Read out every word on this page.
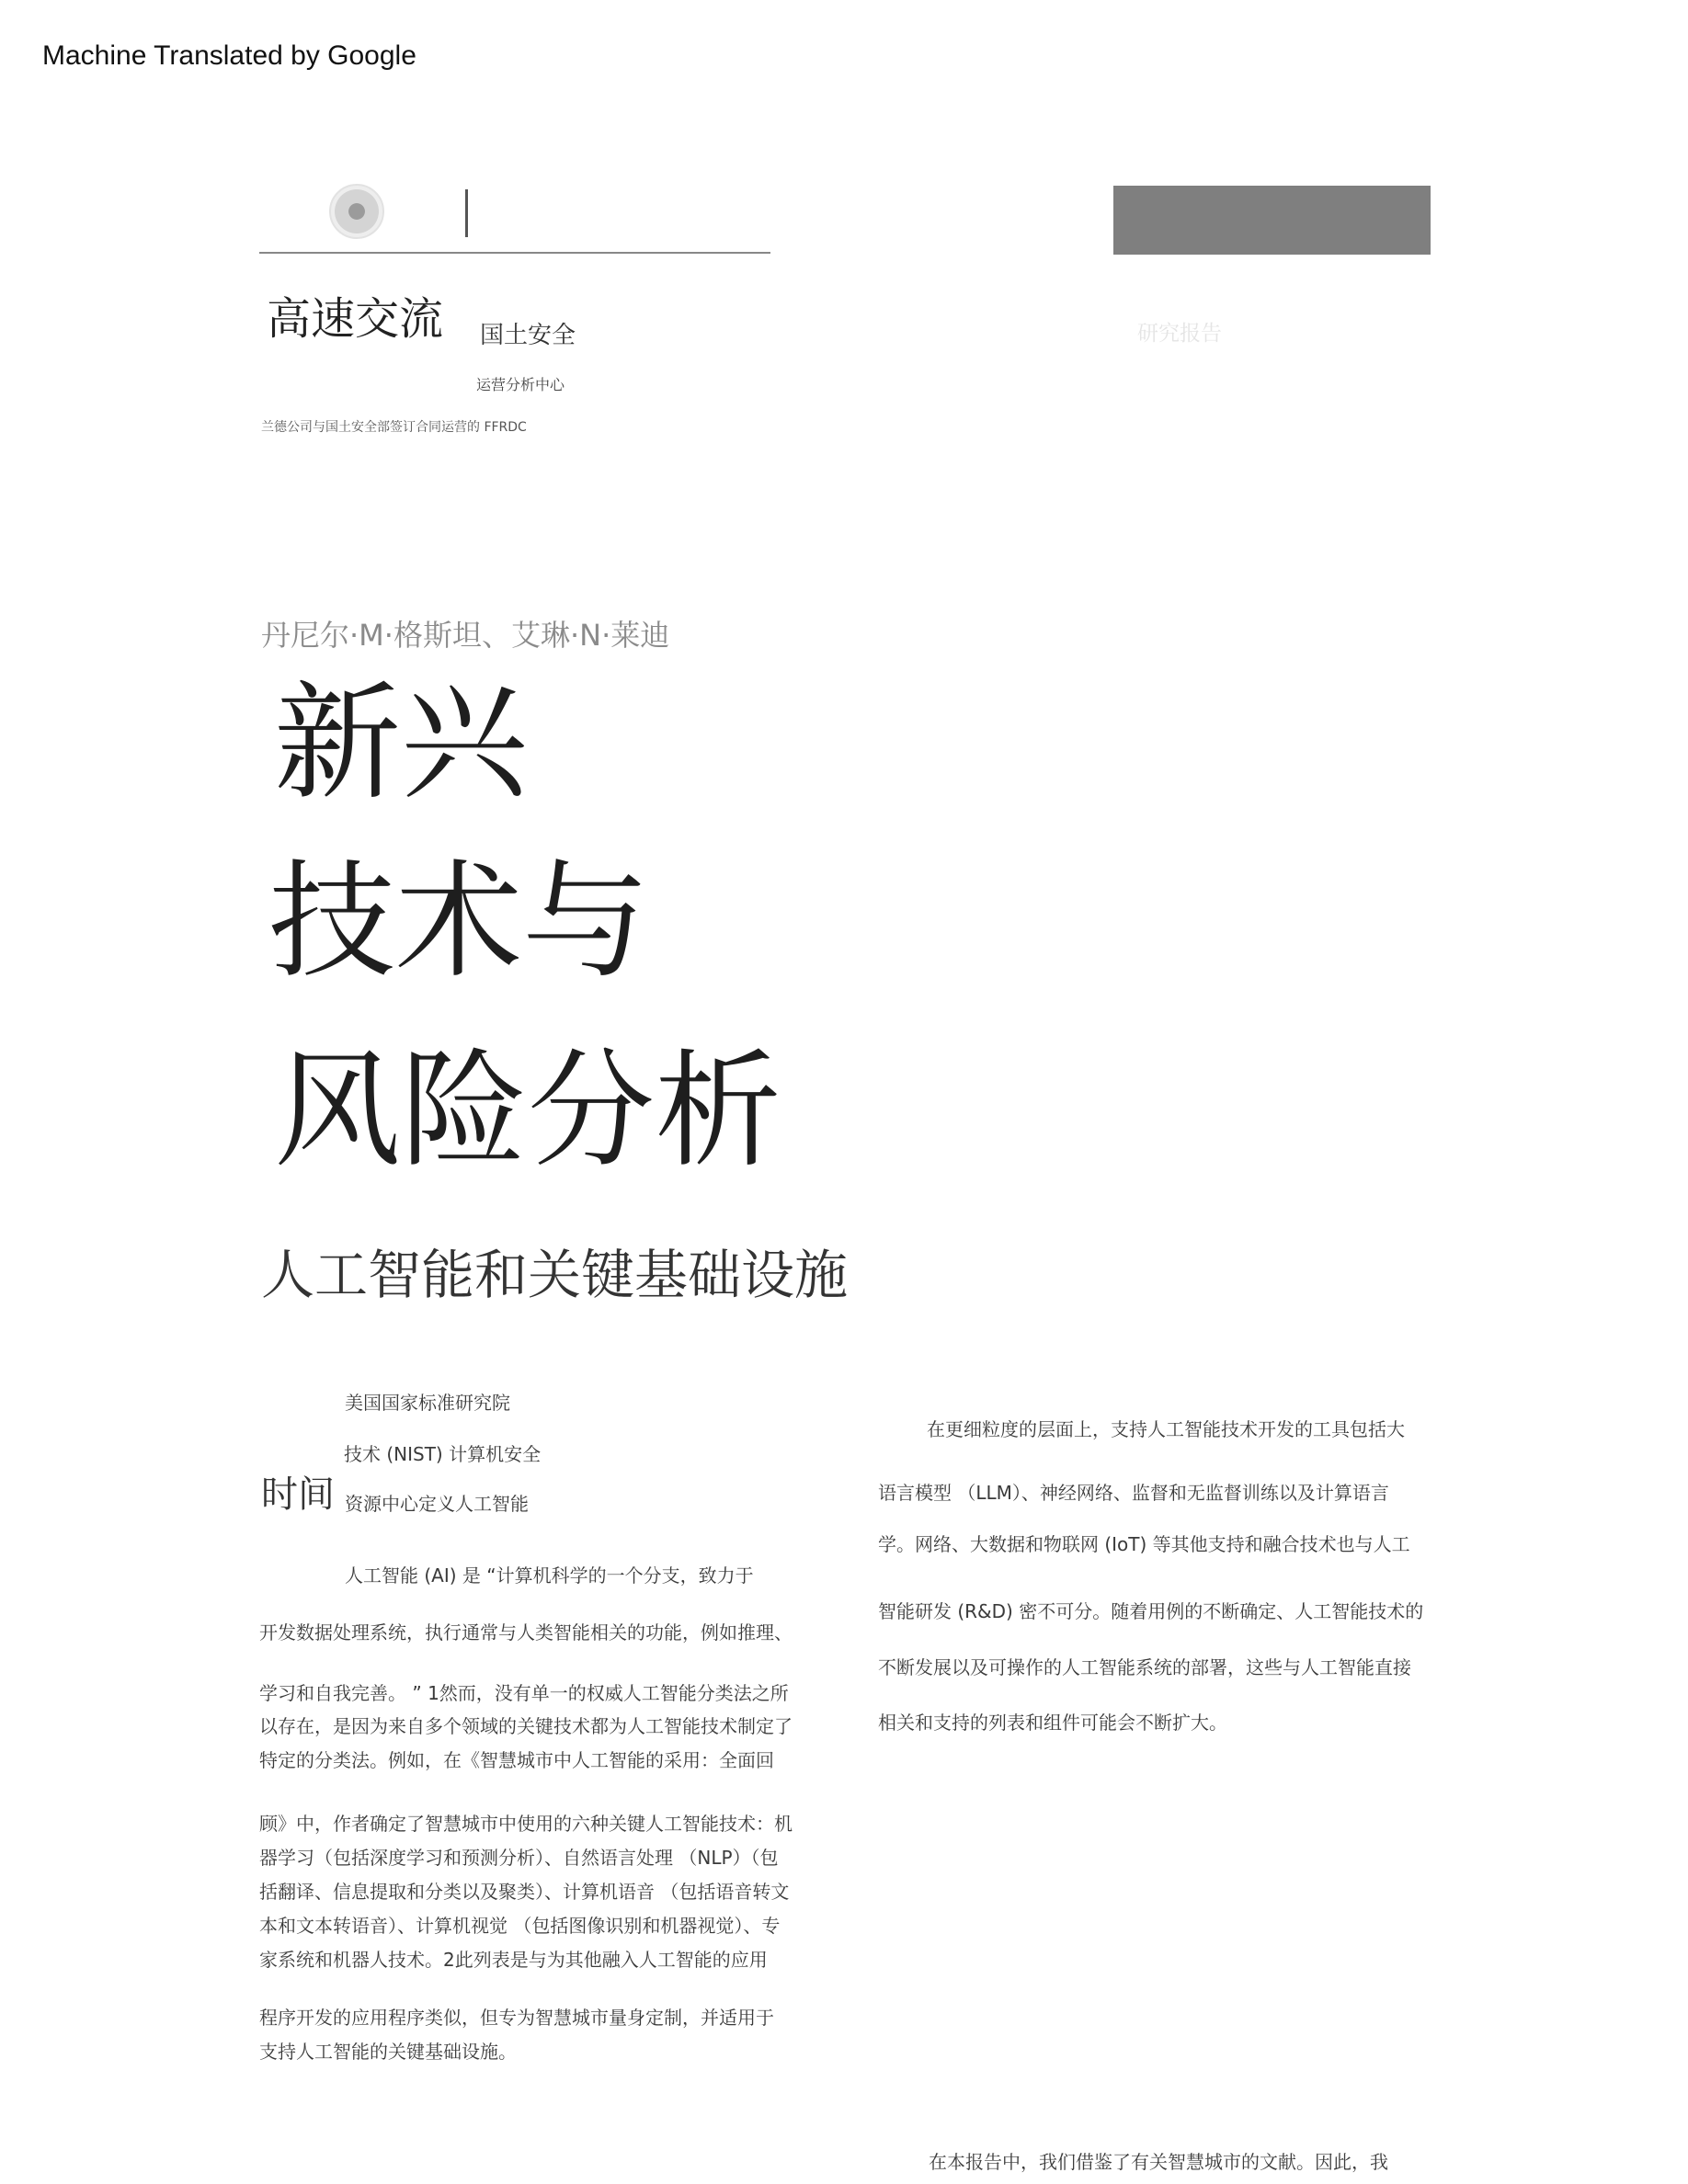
Machine Translated by Google
高速交流 国土安全
运营分析中心
兰德公司与国土安全部签订合同运营的 FFRDC
研究报告
丹尼尔·M·格斯坦、艾琳·N·莱迪
新兴
技术与
风险分析
人工智能和关键基础设施
时间
美国国家标准研究院
技术 (NIST) 计算机安全
资源中心定义人工智能
人工智能 (AI) 是 “计算机科学的一个分支，致力于
开发数据处理系统，执行通常与人类智能相关的功能，例如推理、
学习和自我完善。 ” 1然而，没有单一的权威人工智能分类法之所
以存在，是因为来自多个领域的关键技术都为人工智能技术制定了
特定的分类法。例如，在《智慧城市中人工智能的采用：全面回
顾》中，作者确定了智慧城市中使用的六种关键人工智能技术：机
器学习（包括深度学习和预测分析）、自然语言处理 （NLP）（包
括翻译、信息提取和分类以及聚类）、计算机语音 （包括语音转文
本和文本转语音）、计算机视觉 （包括图像识别和机器视觉）、专
家系统和机器人技术。2此列表是与为其他融入人工智能的应用
程序开发的应用程序类似，但专为智慧城市量身定制，并适用于
支持人工智能的关键基础设施。
在更细粒度的层面上，支持人工智能技术开发的工具包括大
语言模型 （LLM）、神经网络、监督和无监督训练以及计算语言
学。网络、大数据和物联网 (IoT) 等其他支持和融合技术也与人工
智能研发 (R&D) 密不可分。随着用例的不断确定、人工智能技术的
不断发展以及可操作的人工智能系统的部署，这些与人工智能直接
相关和支持的列表和组件可能会不断扩大。
在本报告中，我们借鉴了有关智慧城市的文献。因此，我
